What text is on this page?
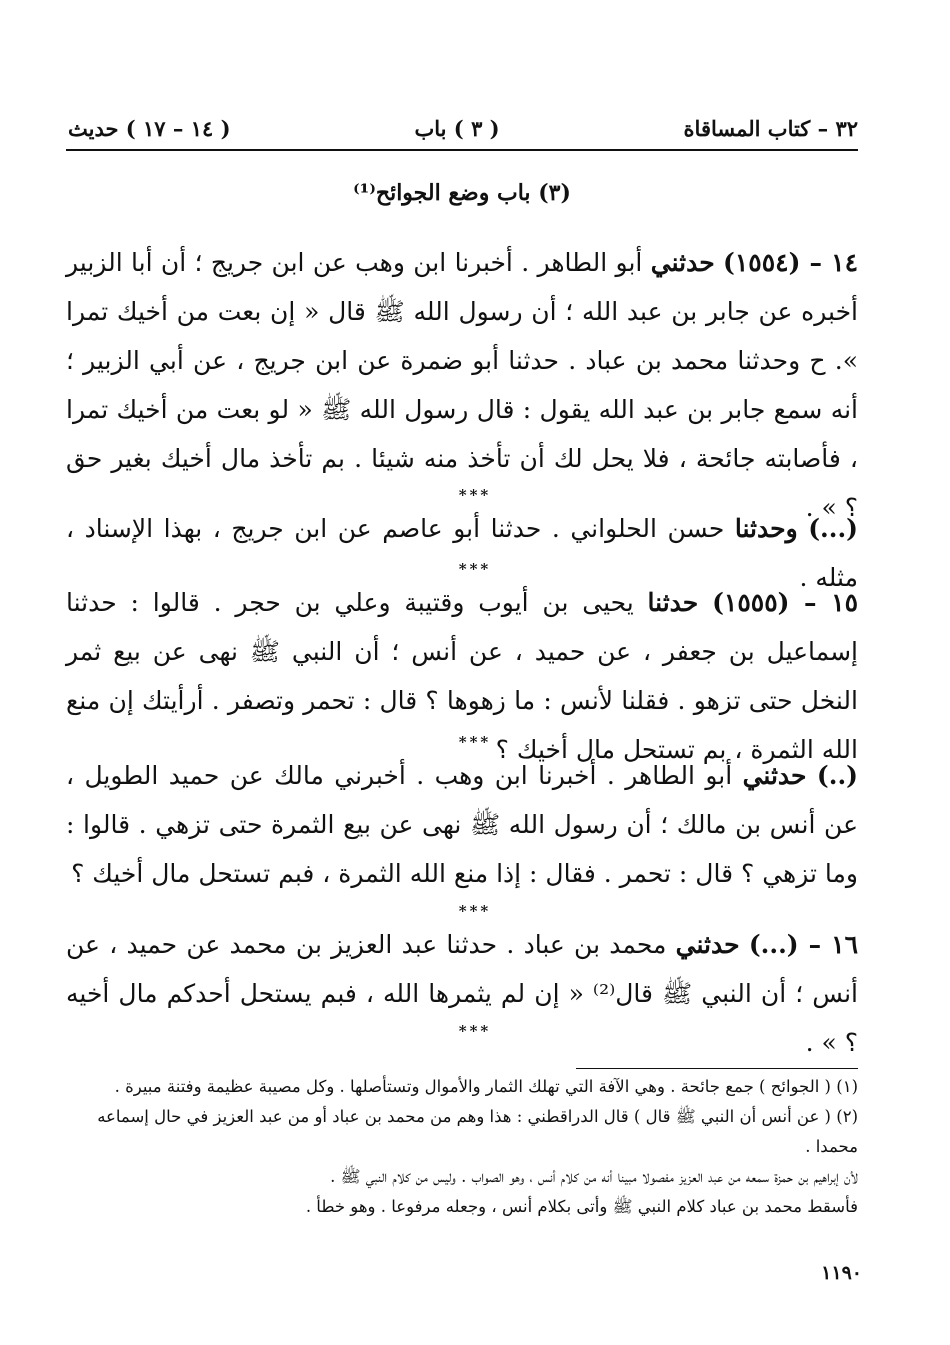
٣٢ – كتاب المساقاة
( ٣ ) باب
( ١٤ – ١٧ ) حديث
(٣) باب وضع الجوائح⁽¹⁾
١٤ – (١٥٥٤) حدثني أبو الطاهر . أخبرنا ابن وهب عن ابن جريج ؛ أن أبا الزبير أخبره عن جابر بن عبد الله ؛ أن رسول الله ﷺ قال « إن بعت من أخيك تمرا ». ح وحدثنا محمد بن عباد . حدثنا أبو ضمرة عن ابن جريج ، عن أبي الزبير ؛ أنه سمع جابر بن عبد الله يقول : قال رسول الله ﷺ « لو بعت من أخيك تمرا ، فأصابته جائحة ، فلا يحل لك أن تأخذ منه شيئا . بم تأخذ مال أخيك بغير حق ؟ » .
***
(...) وحدثنا حسن الحلواني . حدثنا أبو عاصم عن ابن جريج ، بهذا الإسناد ، مثله .
***
١٥ – (١٥٥٥) حدثنا يحيى بن أيوب وقتيبة وعلي بن حجر . قالوا : حدثنا إسماعيل بن جعفر ، عن حميد ، عن أنس ؛ أن النبي ﷺ نهى عن بيع ثمر النخل حتى تزهو . فقلنا لأنس : ما زهوها ؟ قال : تحمر وتصفر . أرأيتك إن منع الله الثمرة ، بم تستحل مال أخيك ؟
***
(..) حدثني أبو الطاهر . أخبرنا ابن وهب . أخبرني مالك عن حميد الطويل ، عن أنس بن مالك ؛ أن رسول الله ﷺ نهى عن بيع الثمرة حتى تزهي . قالوا : وما تزهي ؟ قال : تحمر . فقال : إذا منع الله الثمرة ، فبم تستحل مال أخيك ؟
***
١٦ – (...) حدثني محمد بن عباد . حدثنا عبد العزيز بن محمد عن حميد ، عن أنس ؛ أن النبي ﷺ قال⁽²⁾ « إن لم يثمرها الله ، فبم يستحل أحدكم مال أخيه ؟ » .
***

(١) ( الجوائح ) جمع جائحة . وهي الآفة التي تهلك الثمار والأموال وتستأصلها . وكل مصيبة عظيمة وفتنة مبيرة .

(٢) ( عن أنس أن النبي ﷺ قال ) قال الدراقطني : هذا وهم من محمد بن عباد أو من عبد العزيز في حال إسماعه محمدا .

لأن إبراهيم بن حمزة سمعه من عبد العزيز مفصولا مبينا أنه من كلام أنس ، وهو الصواب . وليس من كلام النبي ﷺ .

فأسقط محمد بن عباد كلام النبي ﷺ وأتى بكلام أنس ، وجعله مرفوعا . وهو خطأ .

١١٩٠
